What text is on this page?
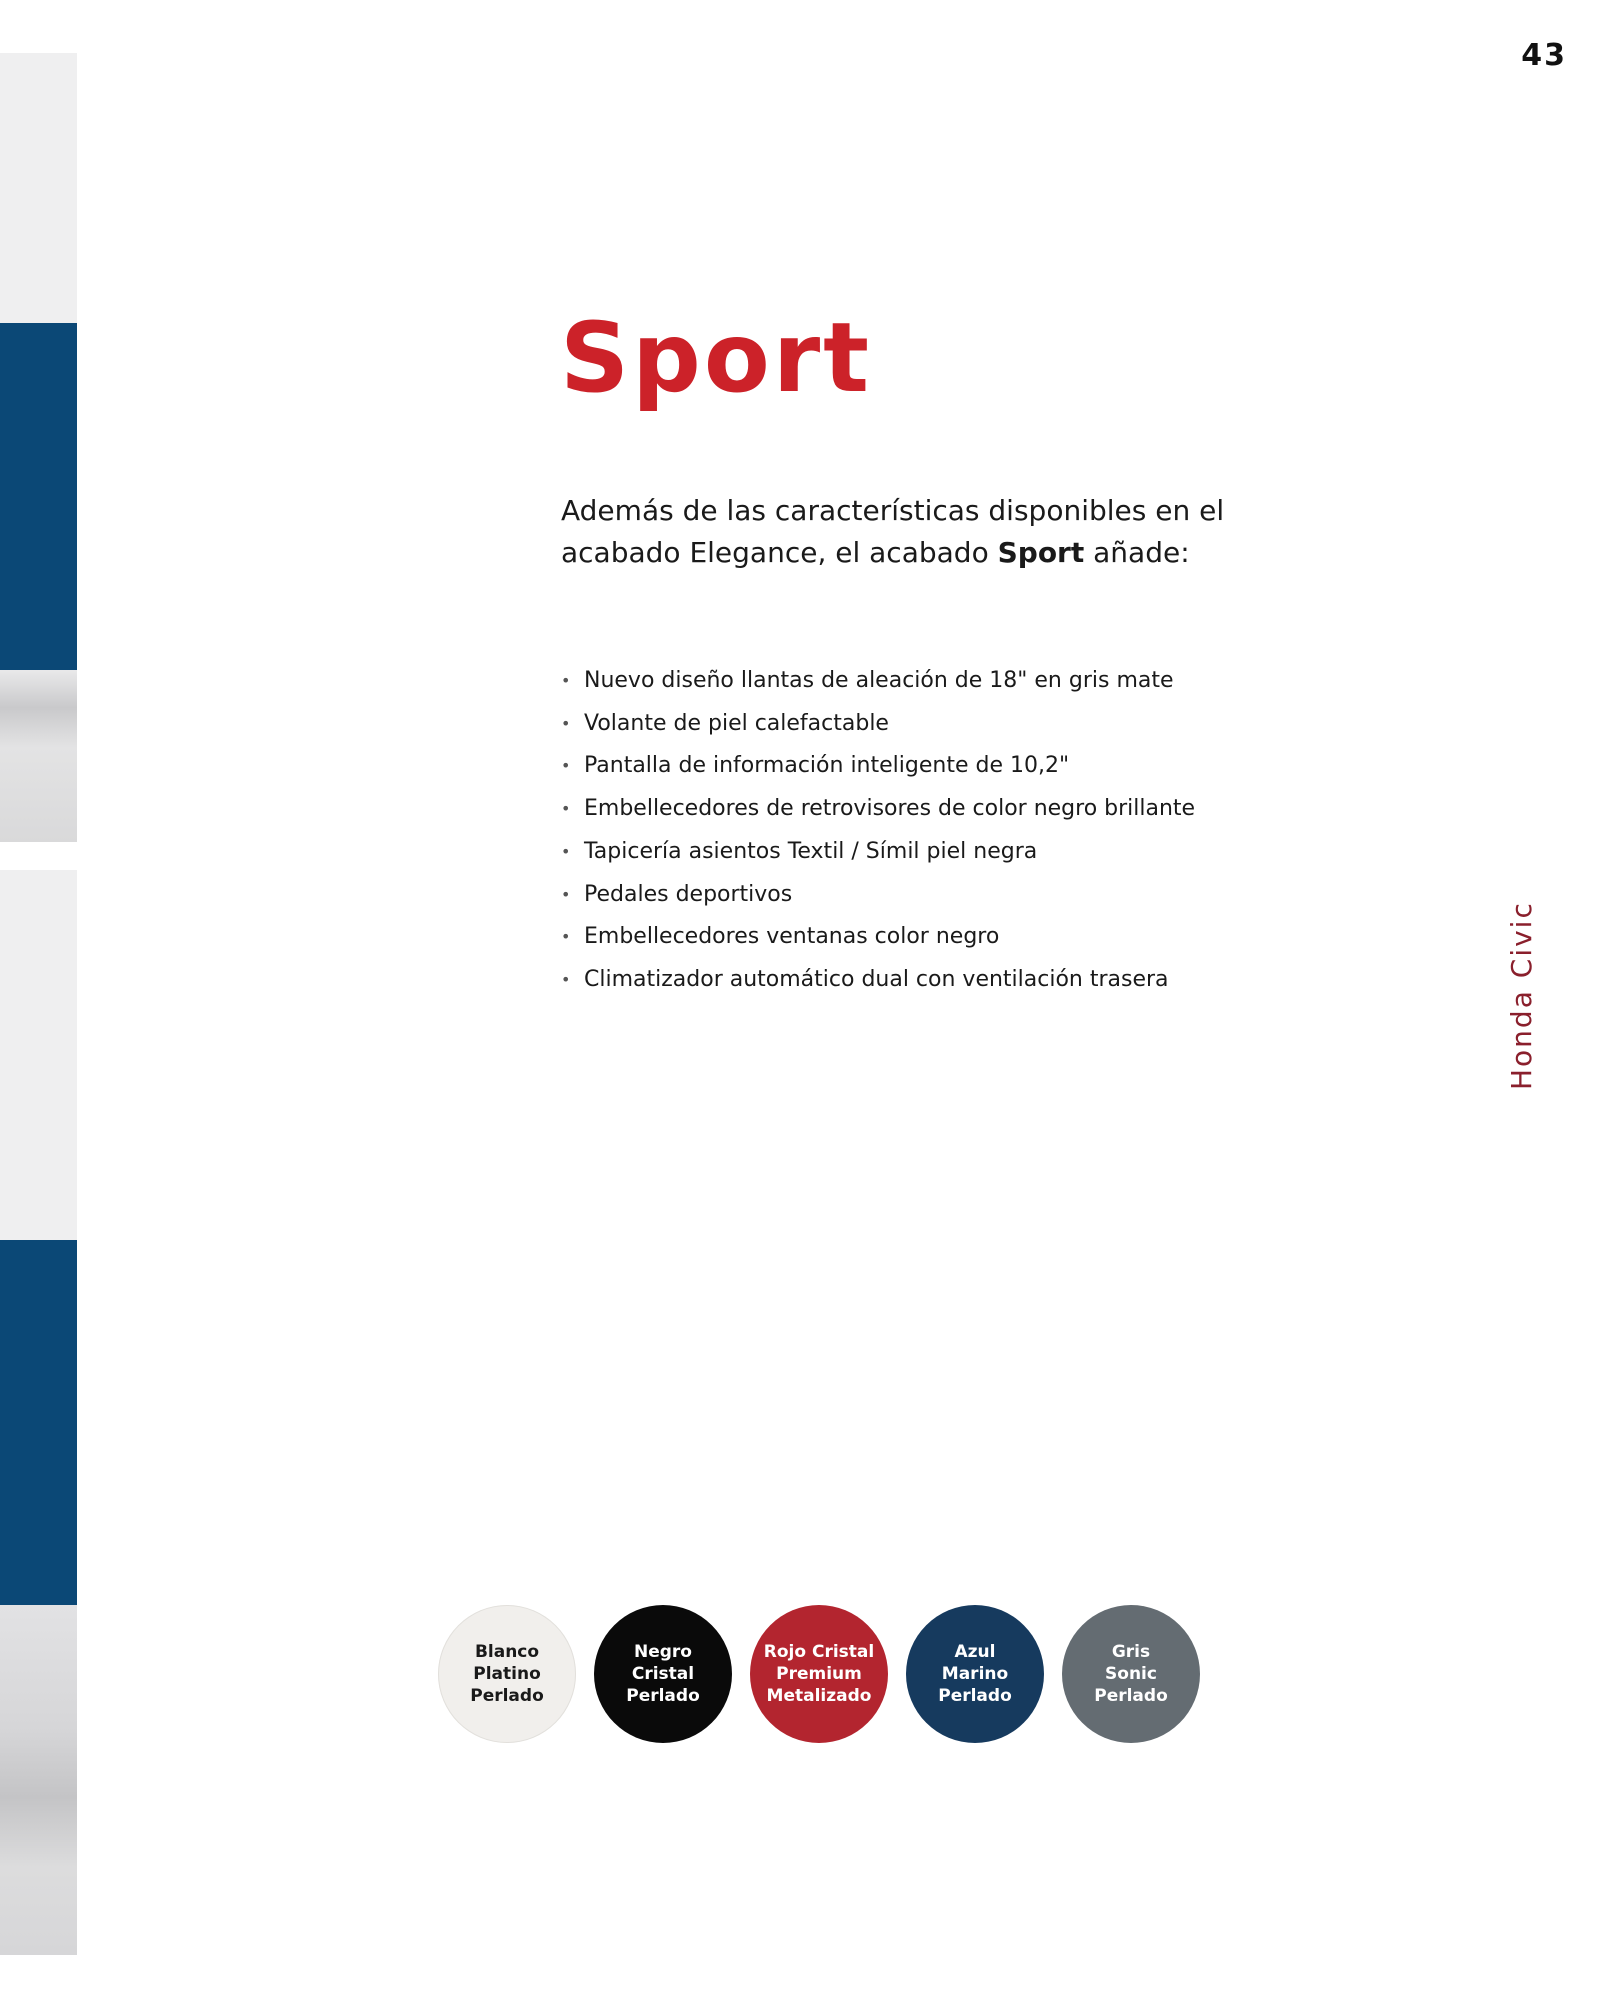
43
Honda Civic
Sport

Además de las características disponibles en el acabado Elegance, el acabado Sport añade:

• Nuevo diseño llantas de aleación de 18" en gris mate
• Volante de piel calefactable
• Pantalla de información inteligente de 10,2"
• Embellecedores de retrovisores de color negro brillante
• Tapicería asientos Textil / Símil piel negra
• Pedales deportivos
• Embellecedores ventanas color negro
• Climatizador automático dual con ventilación trasera
Blanco
Platino
Perlado
Negro
Cristal
Perlado
Rojo Cristal
Premium
Metalizado
Azul
Marino
Perlado
Gris
Sonic
Perlado
